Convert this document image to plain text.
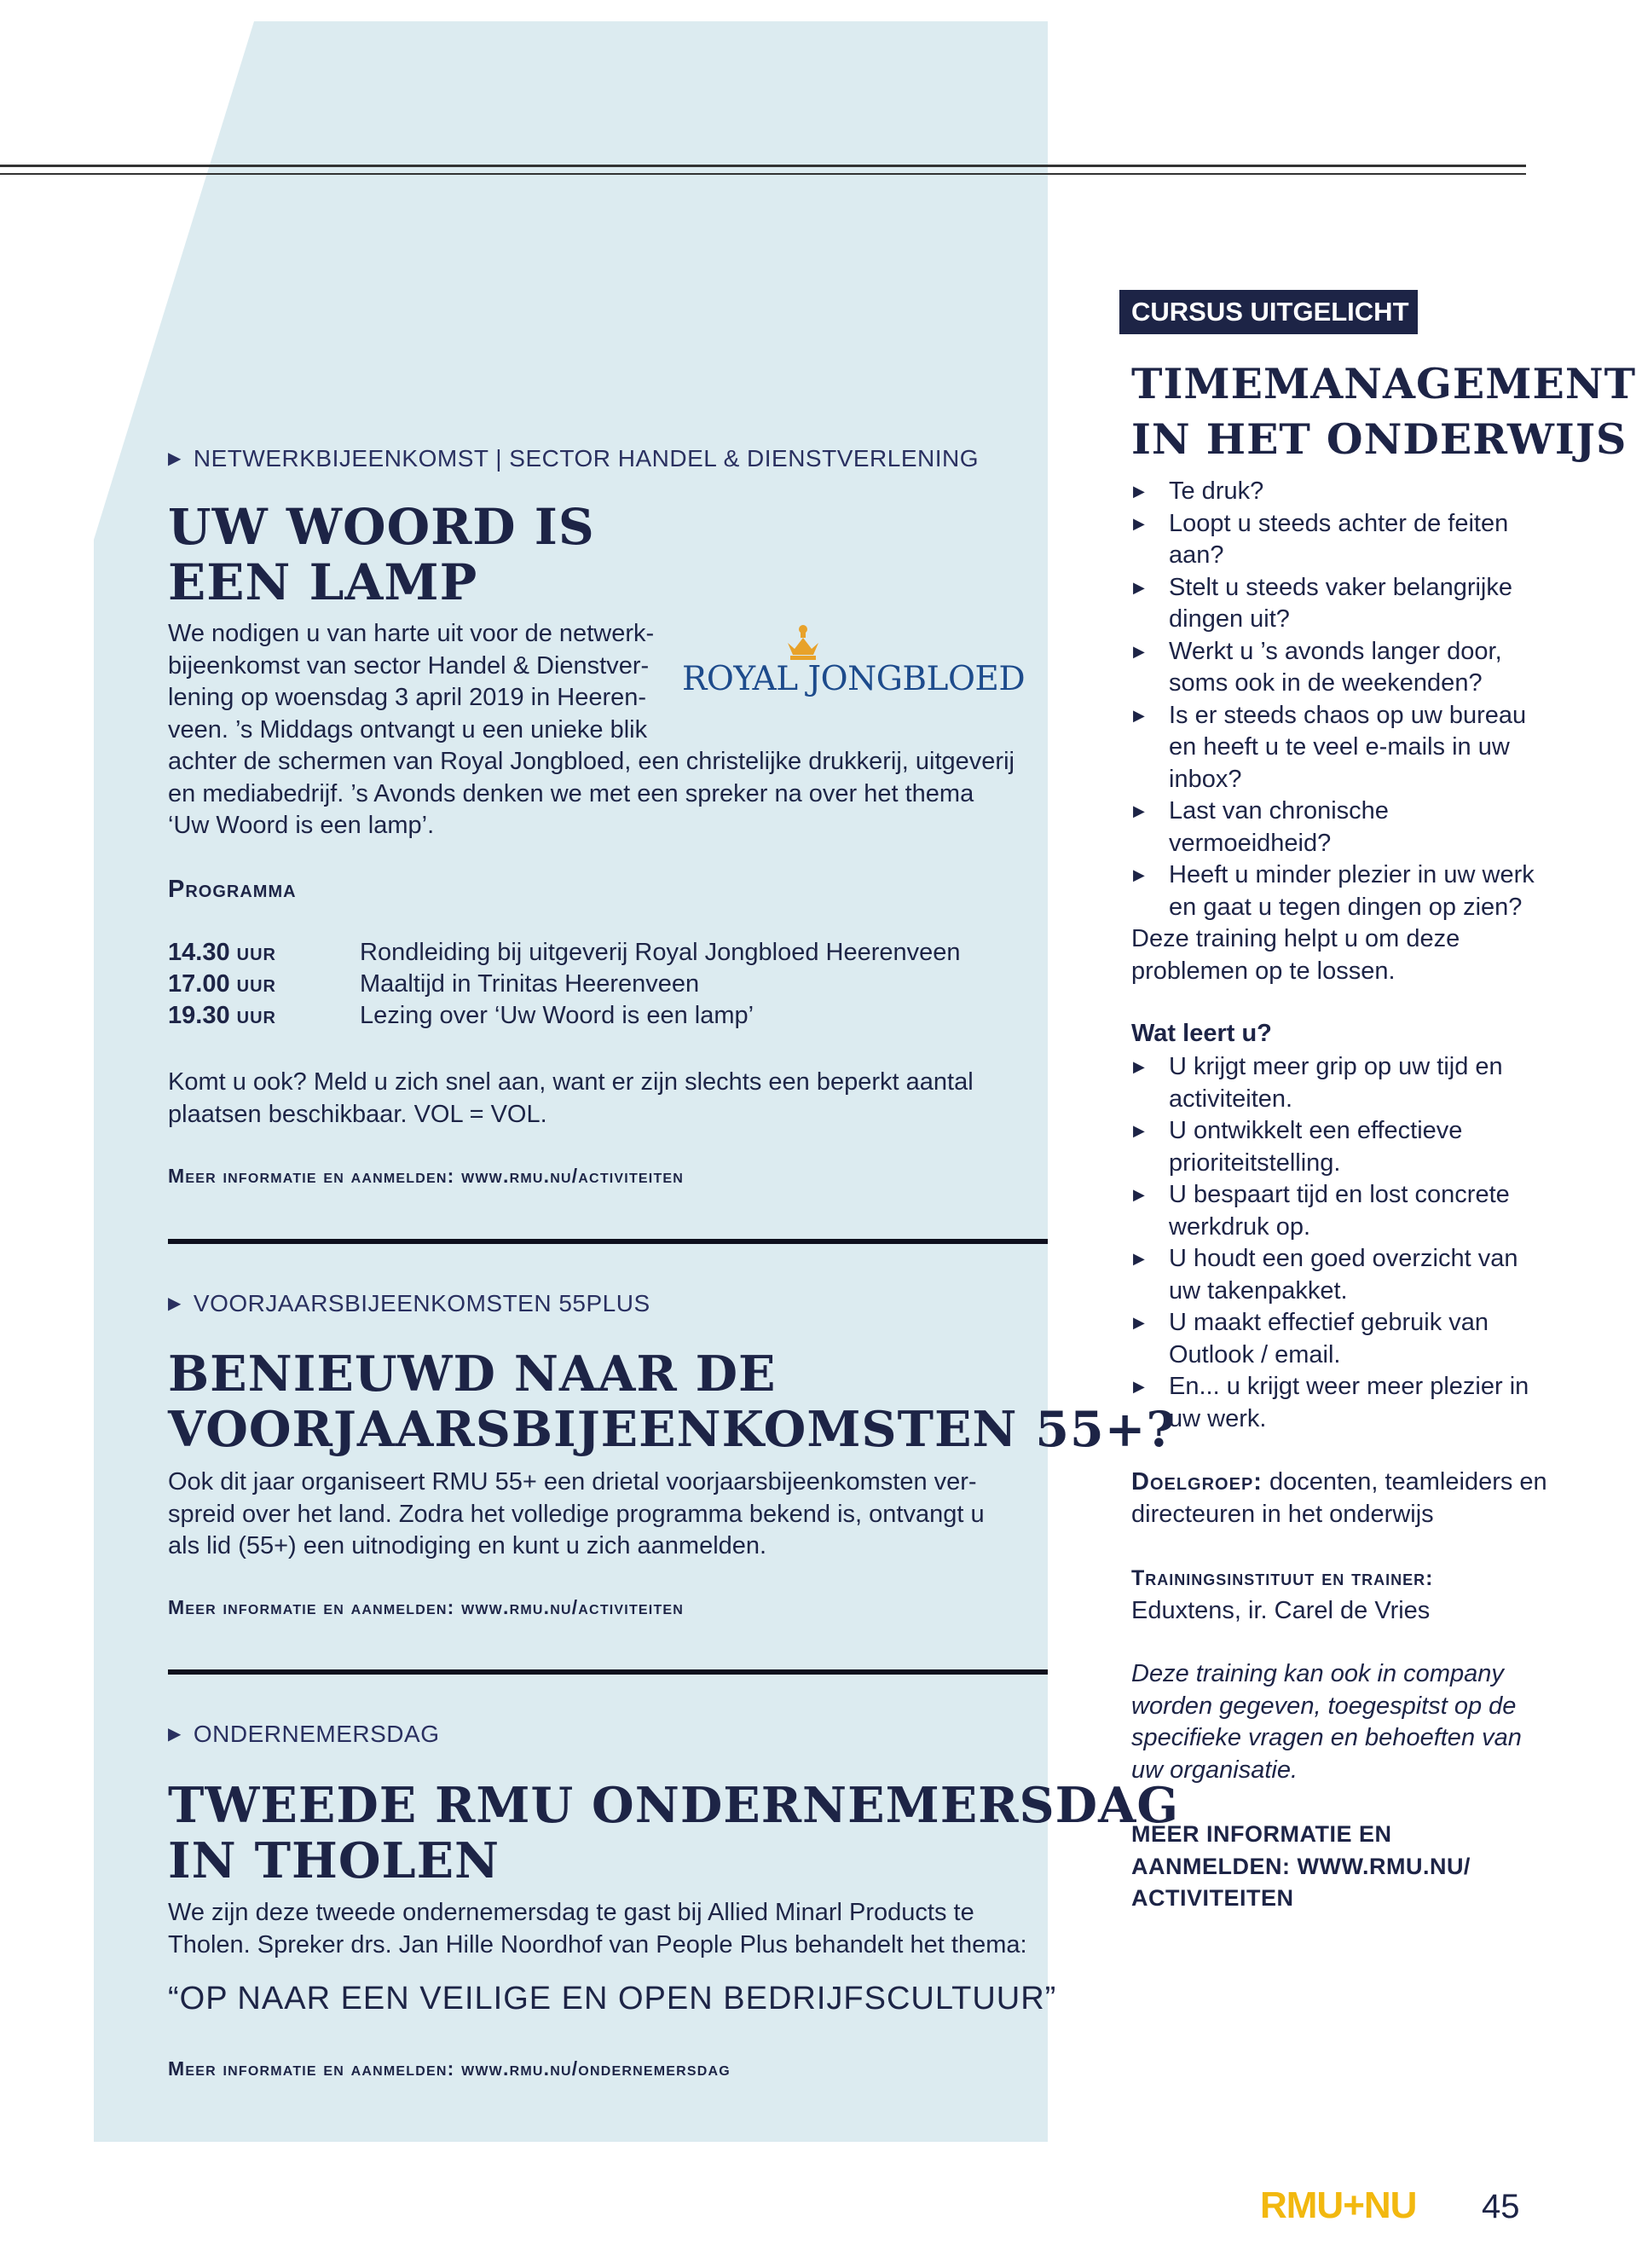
▶ NETWERKBIJEENKOMST | SECTOR HANDEL & DIENSTVERLENING
UW WOORD IS
EEN LAMP
We nodigen u van harte uit voor de netwerk-
bijeenkomst van sector Handel & Dienstver-
lening op woensdag 3 april 2019 in Heeren-
veen. ’s Middags ontvangt u een unieke blik
achter de schermen van Royal Jongbloed, een christelijke drukkerij, uitgeverij
en mediabedrijf. ’s Avonds denken we met een spreker na over het thema
‘Uw Woord is een lamp’.
ROYAL JONGBLOED
Programma
14.30 uur	Rondleiding bij uitgeverij Royal Jongbloed Heerenveen
17.00 uur	Maaltijd in Trinitas Heerenveen
19.30 uur	Lezing over ‘Uw Woord is een lamp’
Komt u ook? Meld u zich snel aan, want er zijn slechts een beperkt aantal
plaatsen beschikbaar. VOL = VOL.
Meer informatie en aanmelden: www.rmu.nu/activiteiten
▶ VOORJAARSBIJEENKOMSTEN 55PLUS
BENIEUWD NAAR DE
VOORJAARSBIJEENKOMSTEN 55+?
Ook dit jaar organiseert RMU 55+ een drietal voorjaarsbijeenkomsten ver-
spreid over het land. Zodra het volledige programma bekend is, ontvangt u
als lid (55+) een uitnodiging en kunt u zich aanmelden.
Meer informatie en aanmelden: www.rmu.nu/activiteiten
▶ ONDERNEMERSDAG
TWEEDE RMU ONDERNEMERSDAG
IN THOLEN
We zijn deze tweede ondernemersdag te gast bij Allied Minarl Products te
Tholen. Spreker drs. Jan Hille Noordhof van People Plus behandelt het thema:
“OP NAAR EEN VEILIGE EN OPEN BEDRIJFSCULTUUR”
Meer informatie en aanmelden: www.rmu.nu/ondernemersdag
CURSUS UITGELICHT
TIMEMANAGEMENT
IN HET ONDERWIJS
▶ Te druk?
▶ Loopt u steeds achter de feiten
aan?
▶ Stelt u steeds vaker belangrijke
dingen uit?
▶ Werkt u ’s avonds langer door,
soms ook in de weekenden?
▶ Is er steeds chaos op uw bureau
en heeft u te veel e-mails in uw
inbox?
▶ Last van chronische vermoeidheid?
▶ Heeft u minder plezier in uw werk
en gaat u tegen dingen op zien?
Deze training helpt u om deze
problemen op te lossen.
Wat leert u?
▶ U krijgt meer grip op uw tijd en
activiteiten.
▶ U ontwikkelt een effectieve
prioriteitstelling.
▶ U bespaart tijd en lost concrete
werkdruk op.
▶ U houdt een goed overzicht van
uw takenpakket.
▶ U maakt effectief gebruik van
Outlook / email.
▶ En... u krijgt weer meer plezier in
uw werk.
Doelgroep: docenten, teamleiders en
directeuren in het onderwijs
Trainingsinstituut en trainer:
Eduxtens, ir. Carel de Vries
Deze training kan ook in company
worden gegeven, toegespitst op de
specifieke vragen en behoeften van
uw organisatie.
MEER INFORMATIE EN
AANMELDEN: WWW.RMU.NU/
ACTIVITEITEN
RMU+NU 45
